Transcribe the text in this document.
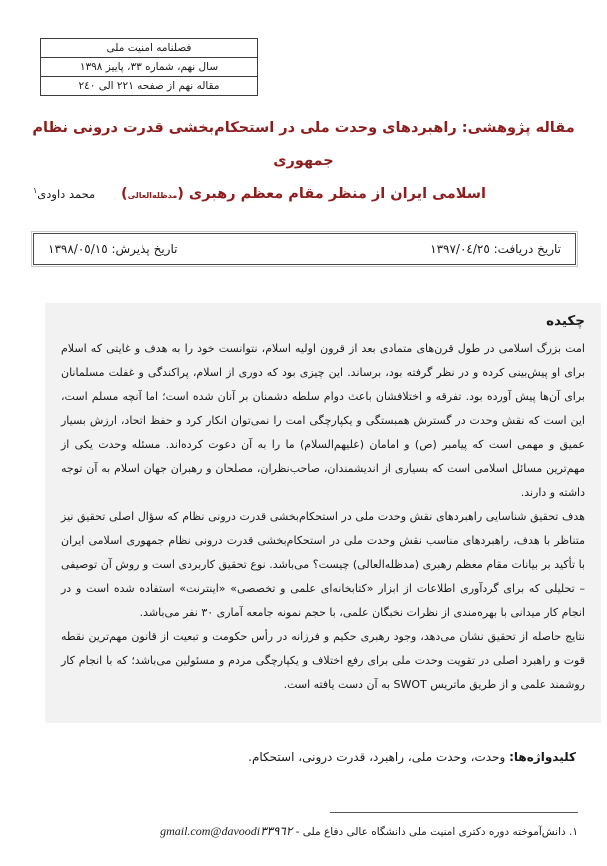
فصلنامه امنیت ملی
سال نهم، شماره ٣٣، پاییز ١٣٩٨
مقاله نهم از صفحه ٢٢١ الی ٢٤٠
مقاله پژوهشی: راهبردهای وحدت ملی در استحکام‌بخشی قدرت درونی نظام جمهوری
اسلامی ایران از منظر مقام معظم رهبری (مدظله‌العالی)
محمد داودی$^١$
تاریخ دریافت: ١٣٩٧/٠٤/٢٥
تاریخ پذیرش: ١٣٩٨/٠٥/١٥
چکیده

امت بزرگ اسلامی در طول قرن‌های متمادی بعد از قرون اولیه اسلام، نتوانست خود را به هدف و غایتی که اسلام برای او پیش‌بینی کرده و در نظر گرفته بود، برساند. این چیزی بود که دوری از اسلام، پراکندگی و غفلت مسلمانان برای آن‌ها پیش آورده بود. تفرقه و اختلافشان باعث دوام سلطه دشمنان بر آنان شده است؛ اما آنچه مسلم است، این است که نقش وحدت در گسترش همبستگی و یکپارچگی امت را نمی‌توان انکار کرد و حفظ اتحاد، ارزش بسیار عمیق و مهمی است که پیامبر (ص) و امامان (علیهم‌السلام) ما را به آن دعوت کرده‌اند. مسئله وحدت یکی از مهم‌ترین مسائل اسلامی است که بسیاری از اندیشمندان، صاحب‌نظران، مصلحان و رهبران جهان اسلام به آن توجه داشته و دارند.

هدف تحقیق شناسایی راهبردهای نقش وحدت ملی در استحکام‌بخشی قدرت درونی نظام که سؤال اصلی تحقیق نیز متناظر با هدف، راهبردهای مناسب نقش وحدت ملی در استحکام‌بخشی قدرت درونی نظام جمهوری اسلامی ایران با تأکید بر بیانات مقام معظم رهبری (مدظله‌العالی) چیست؟ می‌باشد. نوع تحقیق کاربردی است و روش آن توصیفی – تحلیلی که برای گردآوری اطلاعات از ابزار «کتابخانه‌ای علمی و تخصصی» «اینترنت» استفاده شده است و در انجام کار میدانی با بهره‌مندی از نظرات نخبگان علمی، با حجم نمونه جامعه آماری ٣٠ نفر می‌باشد.

نتایج حاصله از تحقیق نشان می‌دهد، وجود رهبری حکیم و فرزانه در رأس حکومت و تبعیت از قانون مهم‌ترین نقطه قوت و راهبرد اصلی در تقویت وحدت ملی برای رفع اختلاف و یکپارچگی مردم و مسئولین می‌باشد؛ که با انجام کار روشمند علمی و از طریق ماتریس SWOT به آن دست یافته است.

کلیدواژه‌ها: وحدت، وحدت ملی، راهبرد، قدرت درونی، استحکام.
١. دانش‌آموخته دوره دکتری امنیت ملی دانشگاه عالی دفاع ملی - davoodi٣٣٩٦٢@gmail.com
